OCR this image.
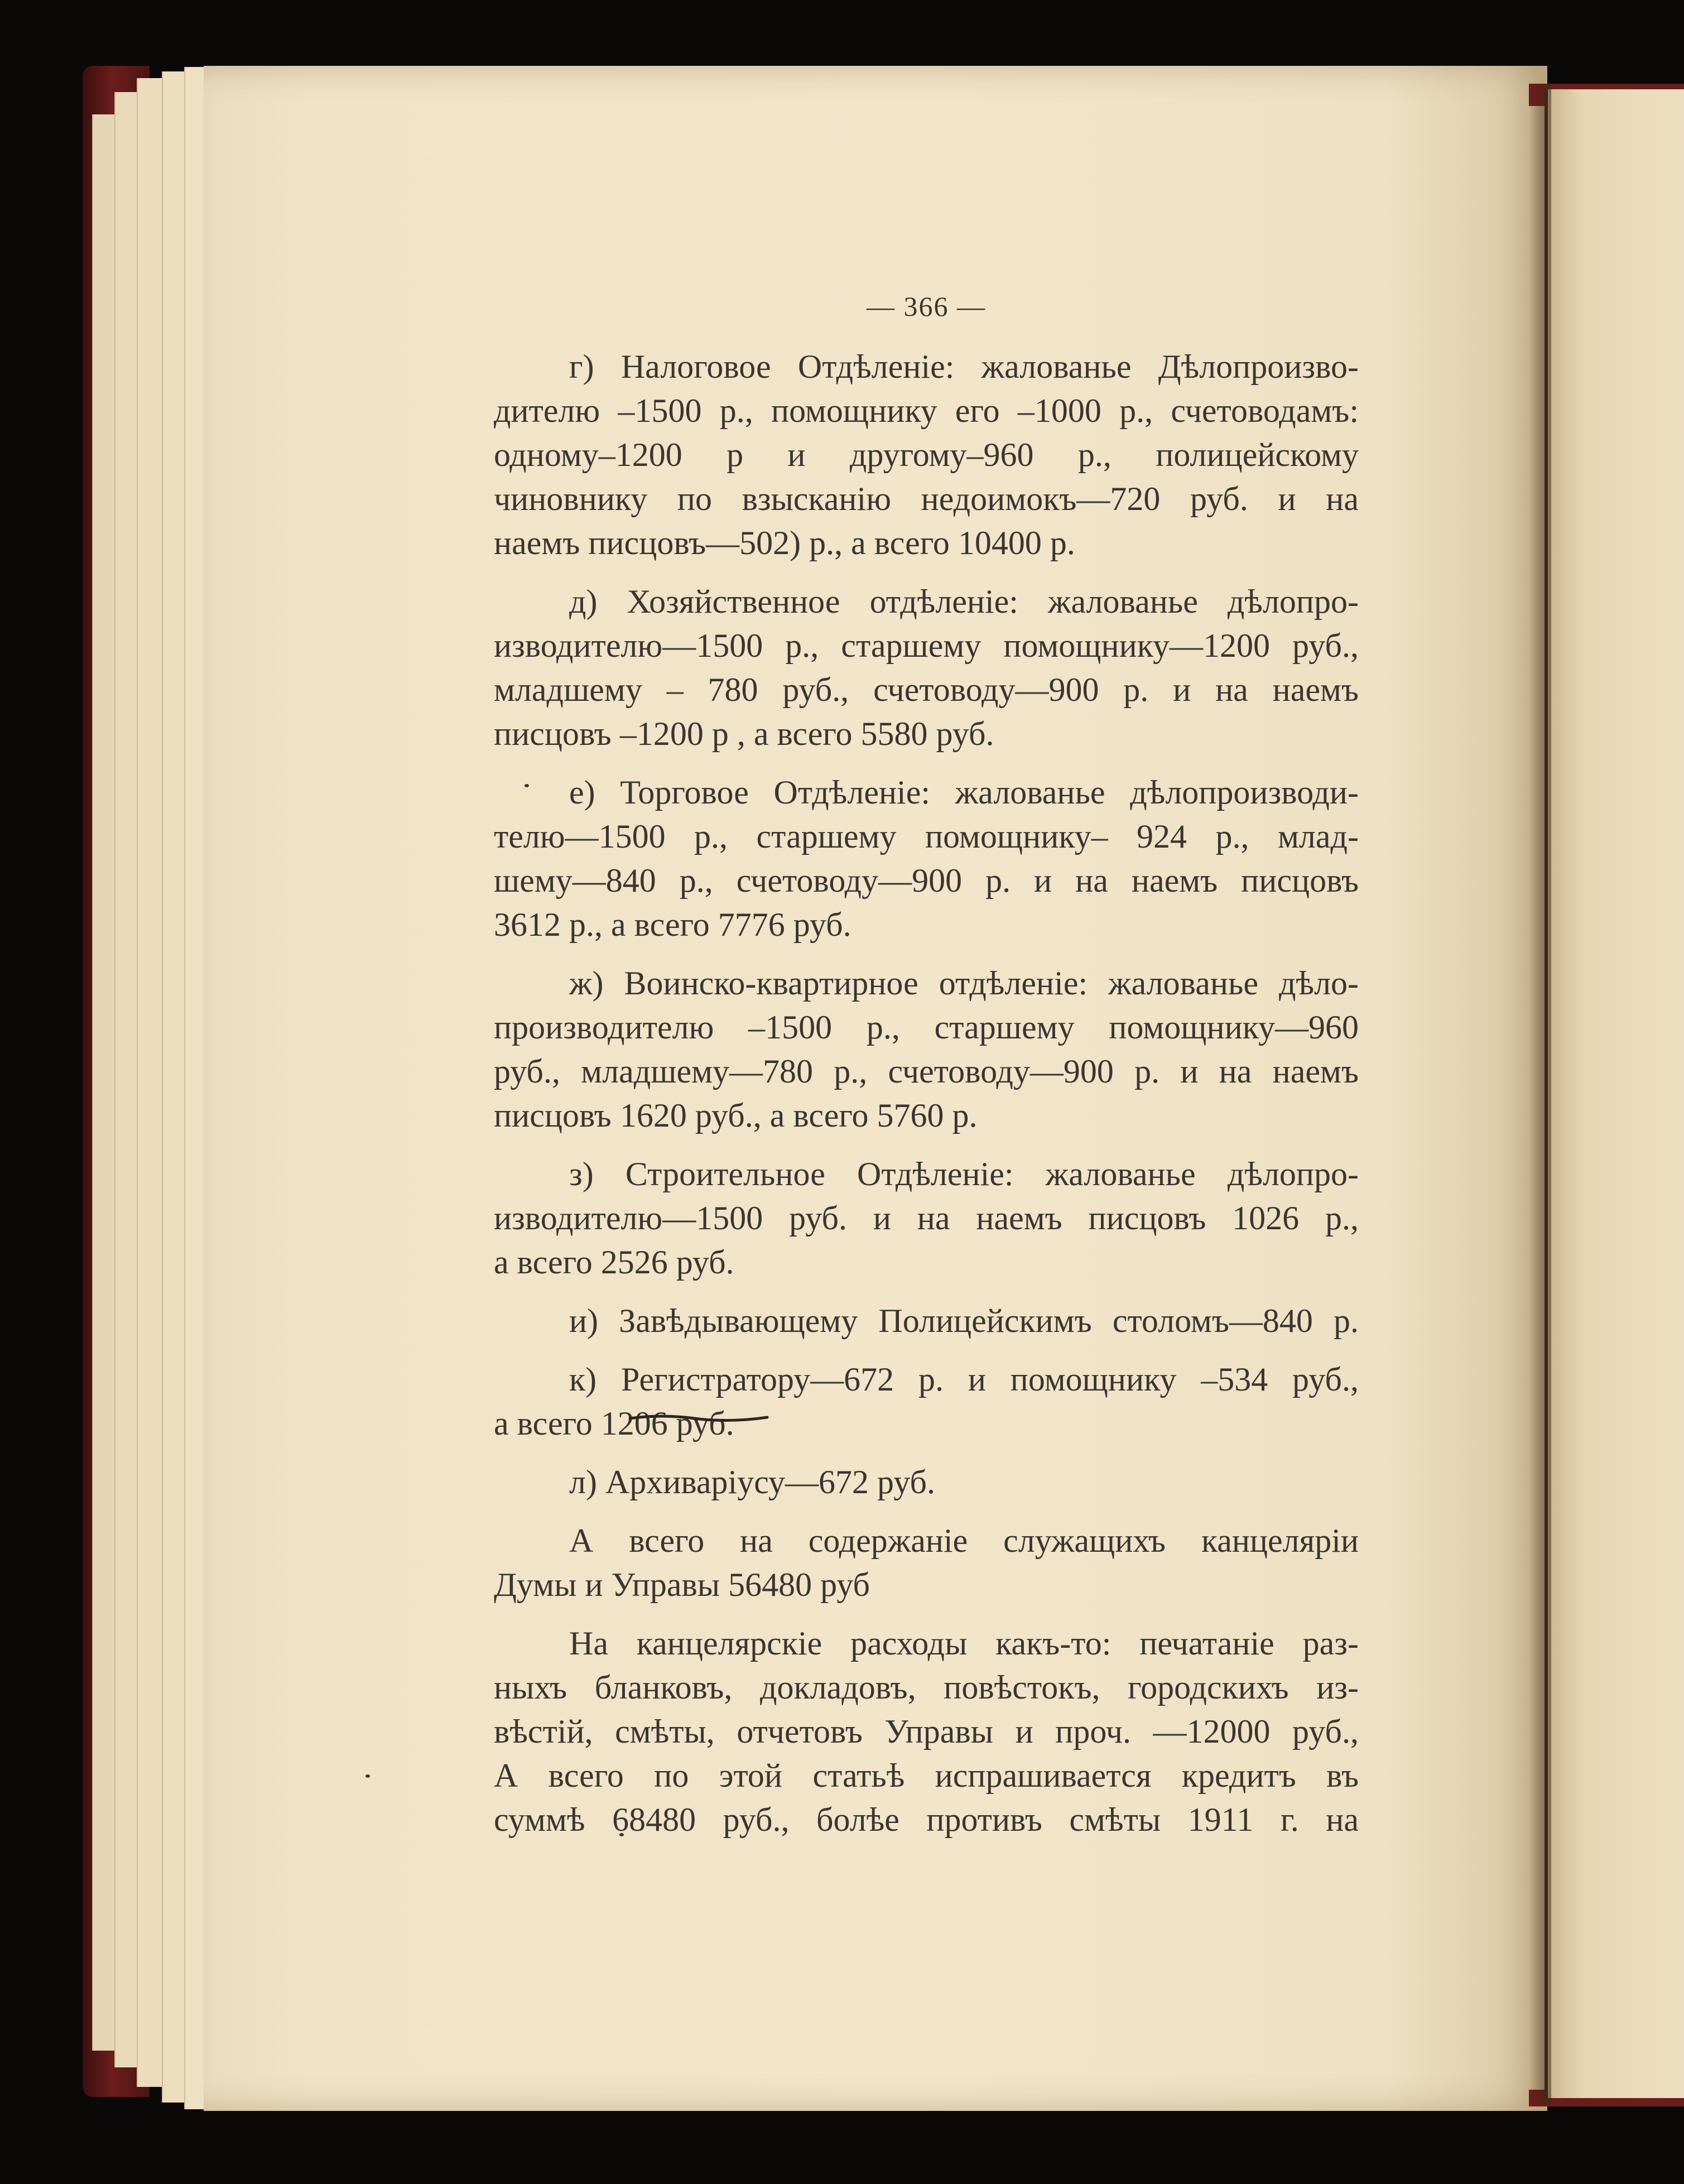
— 366 —
г) Налоговое Отдѣленіе: жалованье Дѣлопроизво-
дителю –1500 р., помощнику его –1000 р., счетоводамъ:
одному–1200 р и другому–960 р., полицейскому
чиновнику по взысканію недоимокъ—720 руб. и на
наемъ писцовъ—502) р., а всего 10400 р.
д) Хозяйственное отдѣленіе: жалованье дѣлопро-
изводителю—1500 р., старшему помощнику—1200 руб.,
младшему – 780 руб., счетоводу—900 р. и на наемъ
писцовъ –1200 р , а всего 5580 руб.
е) Торговое Отдѣленіе: жалованье дѣлопроизводи-
телю—1500 р., старшему помощнику– 924 р., млад-
шему—840 р., счетоводу—900 р. и на наемъ писцовъ
3612 р., а всего 7776 руб.
ж) Воинско-квартирное отдѣленіе: жалованье дѣло-
производителю –1500 р., старшему помощнику—960
руб., младшему—780 р., счетоводу—900 р. и на наемъ
писцовъ 1620 руб., а всего 5760 р.
з) Строительное Отдѣленіе: жалованье дѣлопро-
изводителю—1500 руб. и на наемъ писцовъ 1026 р.,
а всего 2526 руб.
и) Завѣдывающему Полицейскимъ столомъ—840 р.
к) Регистратору—672 р. и помощнику –534 руб.,
а всего 1206 руб.
л) Архиваріусу—672 руб.
А всего на содержаніе служащихъ канцеляріи
Думы и Управы 56480 руб
На канцелярскіе расходы какъ-то: печатаніе раз-
ныхъ бланковъ, докладовъ, повѣстокъ, городскихъ из-
вѣстій, смѣты, отчетовъ Управы и проч. —12000 руб.,
А всего по этой статьѣ испрашивается кредитъ въ
суммѣ 68480 руб., болѣе противъ смѣты 1911 г. на
